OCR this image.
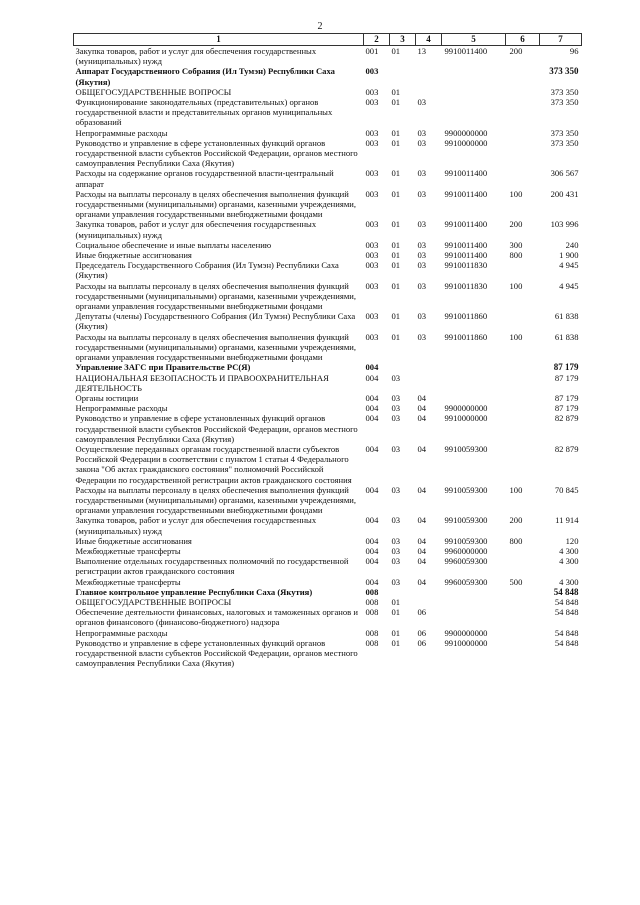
2
1	2	3	4	5	6	7
Закупка товаров, работ и услуг для обеспечения государственных (муниципальных) нужд	001	01	13	9910011400	200	96
Аппарат Государственного Собрания (Ил Тумэн) Республики Саха (Якутия)	003					373 350
ОБЩЕГОСУДАРСТВЕННЫЕ ВОПРОСЫ	003	01				373 350
Функционирование законодательных (представительных) органов государственной власти и представительных органов муниципальных образований	003	01	03			373 350
Непрограммные расходы	003	01	03	9900000000		373 350
Руководство и управление в сфере установленных функций органов государственной власти субъектов Российской Федерации, органов местного самоуправления Республики Саха (Якутия)	003	01	03	9910000000		373 350
Расходы на содержание органов государственной власти-центральный аппарат	003	01	03	9910011400		306 567
Расходы на выплаты персоналу в целях обеспечения выполнения функций государственными (муниципальными) органами, казенными учреждениями, органами управления государственными внебюджетными фондами	003	01	03	9910011400	100	200 431
Закупка товаров, работ и услуг для обеспечения государственных (муниципальных) нужд	003	01	03	9910011400	200	103 996
Социальное обеспечение и иные выплаты населению	003	01	03	9910011400	300	240
Иные бюджетные ассигнования	003	01	03	9910011400	800	1 900
Председатель Государственного Собрания (Ил Тумэн) Республики Саха (Якутия)	003	01	03	9910011830		4 945
Расходы на выплаты персоналу в целях обеспечения выполнения функций государственными (муниципальными) органами, казенными учреждениями, органами управления государственными внебюджетными фондами	003	01	03	9910011830	100	4 945
Депутаты (члены) Государственного Собрания (Ил Тумэн) Республики Саха (Якутия)	003	01	03	9910011860		61 838
Расходы на выплаты персоналу в целях обеспечения выполнения функций государственными (муниципальными) органами, казенными учреждениями, органами управления государственными внебюджетными фондами	003	01	03	9910011860	100	61 838
Управление ЗАГС при Правительстве РС(Я)	004					87 179
НАЦИОНАЛЬНАЯ БЕЗОПАСНОСТЬ И ПРАВООХРАНИТЕЛЬНАЯ ДЕЯТЕЛЬНОСТЬ	004	03				87 179
Органы юстиции	004	03	04			87 179
Непрограммные расходы	004	03	04	9900000000		87 179
Руководство и управление в сфере установленных функций органов государственной власти субъектов Российской Федерации, органов местного самоуправления Республики Саха (Якутия)	004	03	04	9910000000		82 879
Осуществление переданных органам государственной власти субъектов Российской Федерации в соответствии с пунктом 1 статьи 4 Федерального закона "Об актах гражданского состояния" полномочий Российской Федерации по государственной регистрации актов гражданского состояния	004	03	04	9910059300		82 879
Расходы на выплаты персоналу в целях обеспечения выполнения функций государственными (муниципальными) органами, казенными учреждениями, органами управления государственными внебюджетными фондами	004	03	04	9910059300	100	70 845
Закупка товаров, работ и услуг для обеспечения государственных (муниципальных) нужд	004	03	04	9910059300	200	11 914
Иные бюджетные ассигнования	004	03	04	9910059300	800	120
Межбюджетные трансферты	004	03	04	9960000000		4 300
Выполнение отдельных государственных полномочий по государственной регистрации актов гражданского состояния	004	03	04	9960059300		4 300
Межбюджетные трансферты	004	03	04	9960059300	500	4 300
Главное контрольное управление Республики Саха (Якутия)	008					54 848
ОБЩЕГОСУДАРСТВЕННЫЕ ВОПРОСЫ	008	01				54 848
Обеспечение деятельности финансовых, налоговых и таможенных органов и органов финансового (финансово-бюджетного) надзора	008	01	06			54 848
Непрограммные расходы	008	01	06	9900000000		54 848
Руководство и управление в сфере установленных функций органов государственной власти субъектов Российской Федерации, органов местного самоуправления Республики Саха (Якутия)	008	01	06	9910000000		54 848
